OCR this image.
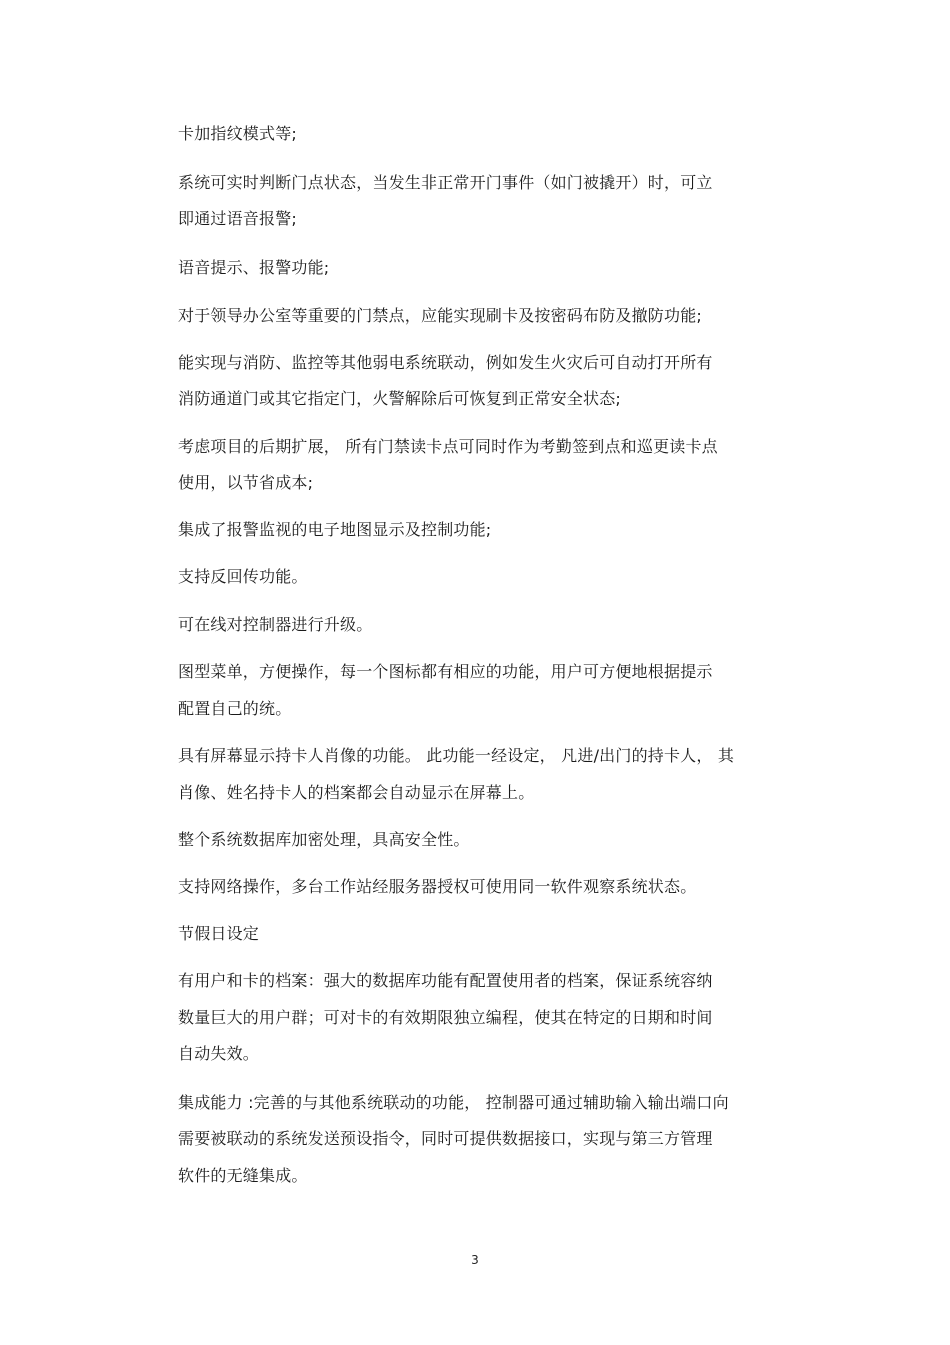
卡加指纹模式等;
系统可实时判断门点状态，当发生非正常开门事件（如门被撬开）时，可立
即通过语音报警;
语音提示、报警功能;
对于领导办公室等重要的门禁点，应能实现刷卡及按密码布防及撤防功能;
能实现与消防、监控等其他弱电系统联动，例如发生火灾后可自动打开所有
消防通道门或其它指定门，火警解除后可恢复到正常安全状态;
考虑项目的后期扩展， 所有门禁读卡点可同时作为考勤签到点和巡更读卡点
使用，以节省成本;
集成了报警监视的电子地图显示及控制功能;
支持反回传功能。
可在线对控制器进行升级。
图型菜单，方便操作，每一个图标都有相应的功能，用户可方便地根据提示
配置自己的统。
具有屏幕显示持卡人肖像的功能。 此功能一经设定， 凡进/出门的持卡人， 其
肖像、姓名持卡人的档案都会自动显示在屏幕上。
整个系统数据库加密处理，具高安全性。
支持网络操作，多台工作站经服务器授权可使用同一软件观察系统状态。
节假日设定
有用户和卡的档案：强大的数据库功能有配置使用者的档案，保证系统容纳
数量巨大的用户群；可对卡的有效期限独立编程，使其在特定的日期和时间
自动失效。
集成能力 :完善的与其他系统联动的功能， 控制器可通过辅助输入输出端口向
需要被联动的系统发送预设指令，同时可提供数据接口，实现与第三方管理
软件的无缝集成。
3
